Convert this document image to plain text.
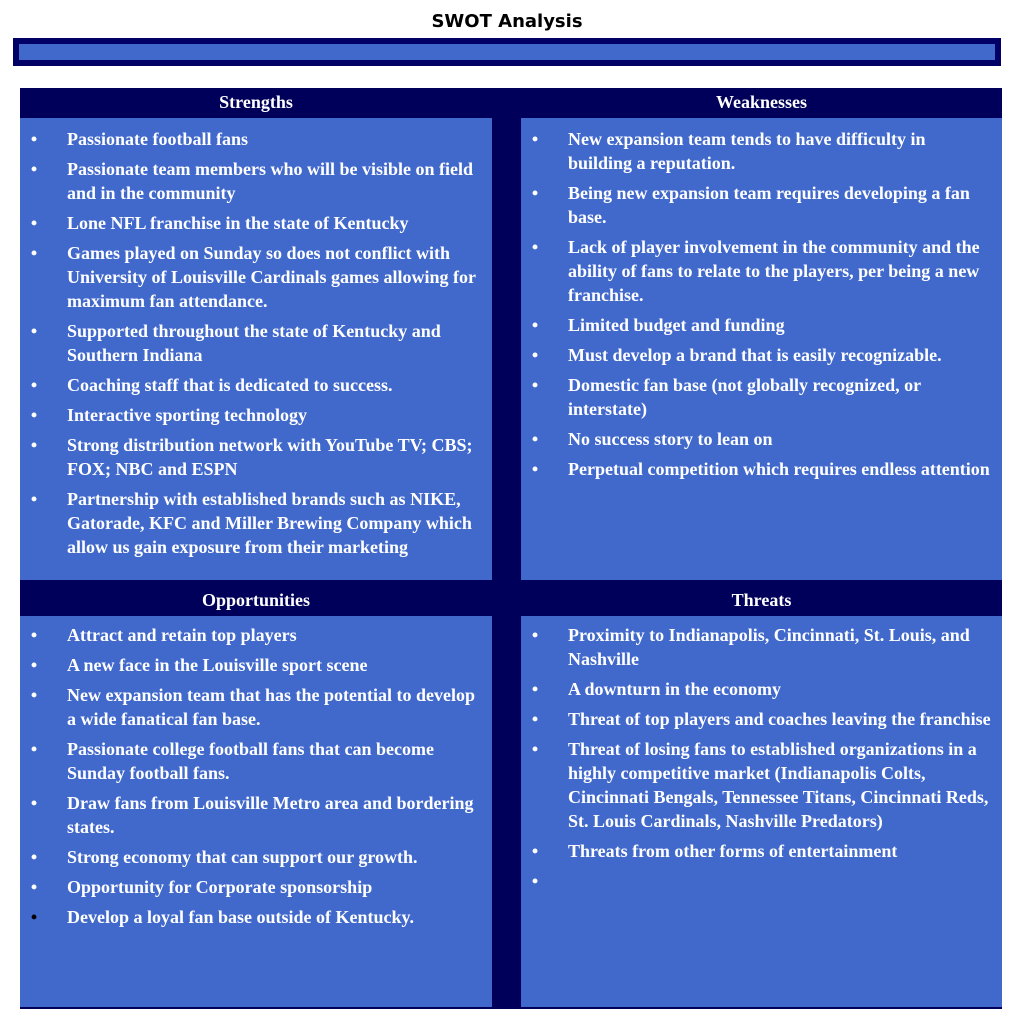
SWOT Analysis
Strengths
• Passionate football fans
• Passionate team members who will be visible on field and in the community
• Lone NFL franchise in the state of Kentucky
• Games played on Sunday so does not conflict with University of Louisville Cardinals games allowing for maximum fan attendance.
• Supported throughout the state of Kentucky and Southern Indiana
• Coaching staff that is dedicated to success.
• Interactive sporting technology
• Strong distribution network with YouTube TV; CBS; FOX; NBC and ESPN
• Partnership with established brands such as NIKE, Gatorade, KFC and Miller Brewing Company which allow us gain exposure from their marketing
Weaknesses
• New expansion team tends to have difficulty in building a reputation.
• Being new expansion team requires developing a fan base.
• Lack of player involvement in the community and the ability of fans to relate to the players, per being a new franchise.
• Limited budget and funding
• Must develop a brand that is easily recognizable.
• Domestic fan base (not globally recognized, or interstate)
• No success story to lean on
• Perpetual competition which requires endless attention
Opportunities
• Attract and retain top players
• A new face in the Louisville sport scene
• New expansion team that has the potential to develop a wide fanatical fan base.
• Passionate college football fans that can become Sunday football fans.
• Draw fans from Louisville Metro area and bordering states.
• Strong economy that can support our growth.
• Opportunity for Corporate sponsorship
• Develop a loyal fan base outside of Kentucky.
Threats
• Proximity to Indianapolis, Cincinnati, St. Louis, and Nashville
• A downturn in the economy
• Threat of top players and coaches leaving the franchise
• Threat of losing fans to established organizations in a highly competitive market (Indianapolis Colts, Cincinnati Bengals, Tennessee Titans, Cincinnati Reds, St. Louis Cardinals, Nashville Predators)
• Threats from other forms of entertainment
•
